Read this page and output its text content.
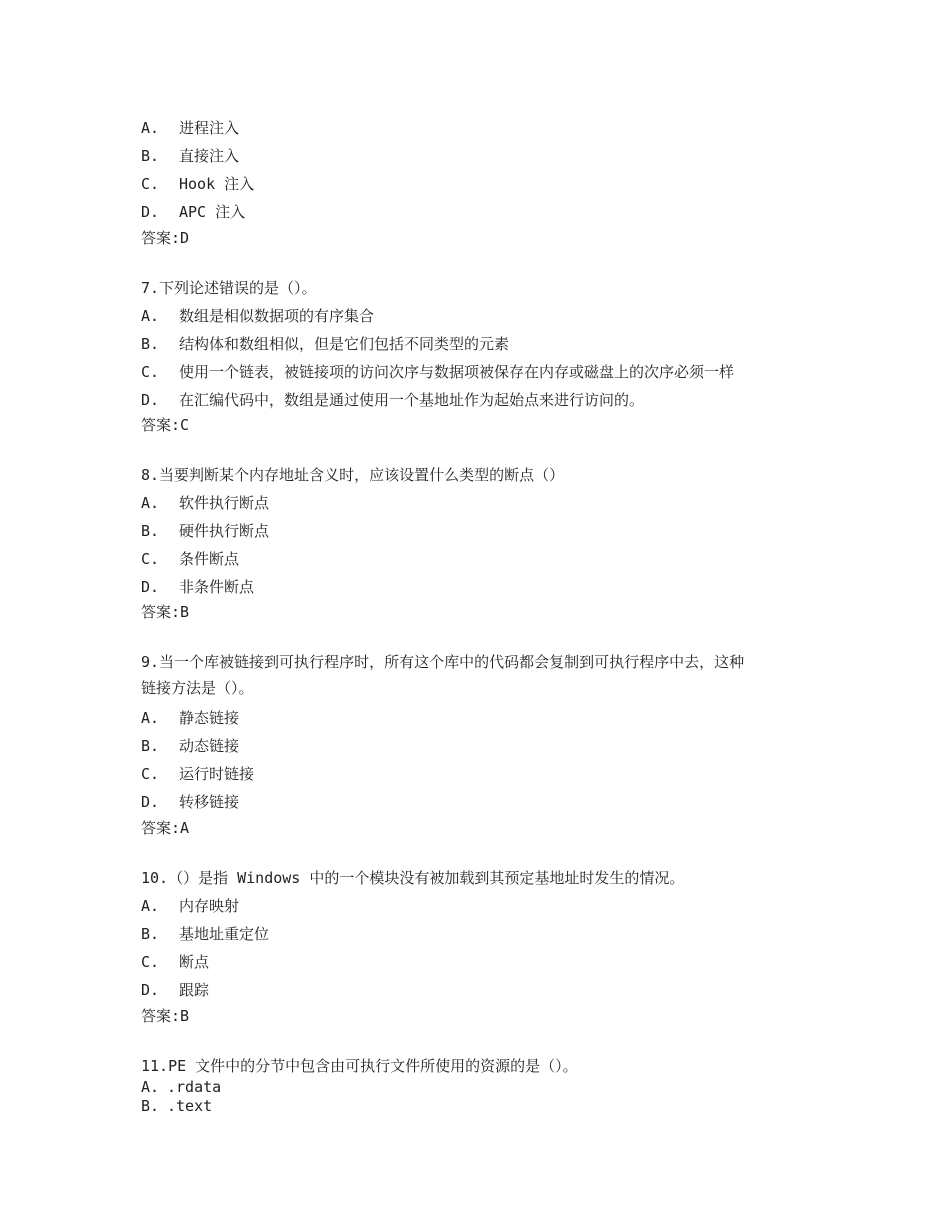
A. 进程注入
B. 直接注入
C. Hook 注入
D. APC 注入
答案:D
7.下列论述错误的是（）。
A. 数组是相似数据项的有序集合
B. 结构体和数组相似，但是它们包括不同类型的元素
C. 使用一个链表，被链接项的访问次序与数据项被保存在内存或磁盘上的次序必须一样
D. 在汇编代码中，数组是通过使用一个基地址作为起始点来进行访问的。
答案:C
8.当要判断某个内存地址含义时，应该设置什么类型的断点（）
A. 软件执行断点
B. 硬件执行断点
C. 条件断点
D. 非条件断点
答案:B
9.当一个库被链接到可执行程序时，所有这个库中的代码都会复制到可执行程序中去，这种
链接方法是（）。
A. 静态链接
B. 动态链接
C. 运行时链接
D. 转移链接
答案:A
10.（）是指 Windows 中的一个模块没有被加载到其预定基地址时发生的情况。
A. 内存映射
B. 基地址重定位
C. 断点
D. 跟踪
答案:B
11.PE 文件中的分节中包含由可执行文件所使用的资源的是（）。
A. .rdata
B. .text
